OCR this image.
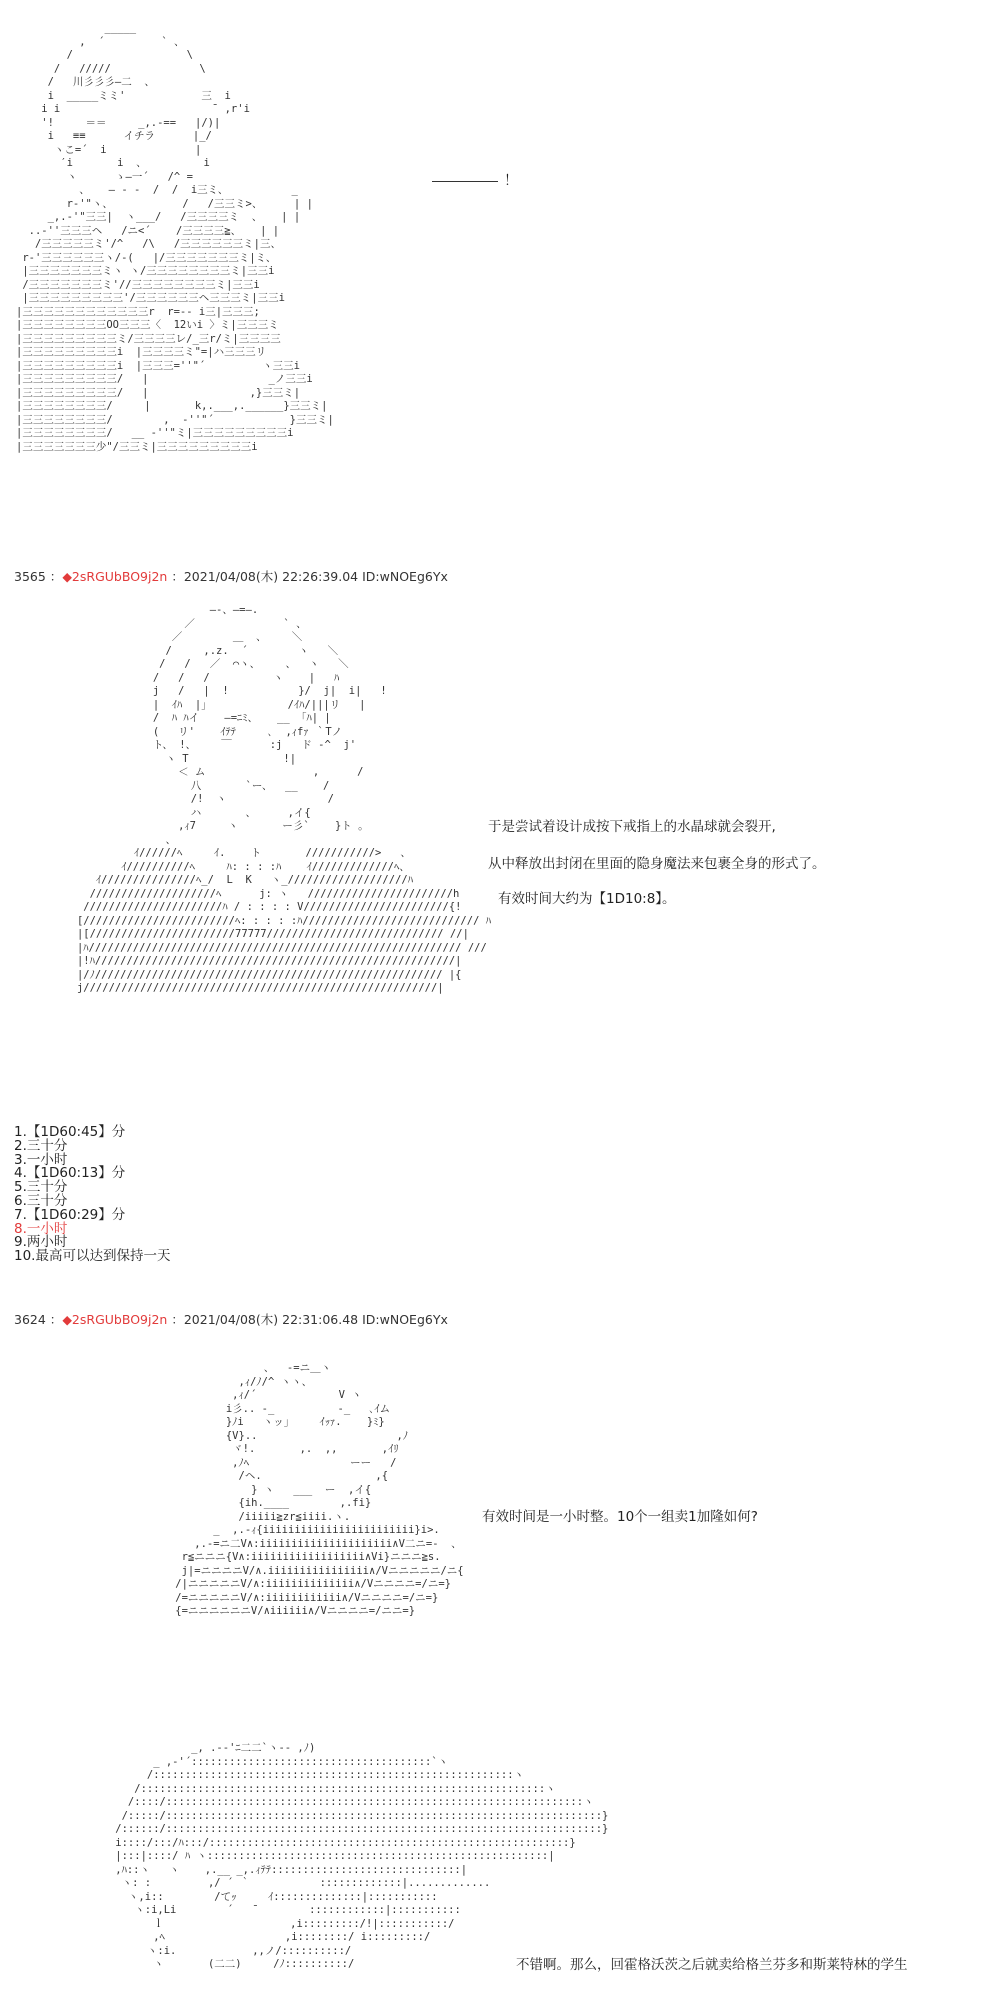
_____
,  ´         ` 、
/                  \
/   /////              \
/   川彡彡彡―二  、
i  _____ミミ'            三  i
i i                        ̄  ,r'i
'!     ＝＝     _,.-==   |/)|
i   ≡≡      イチラ      |_/
ヽこ=´  i              |
′i       i  、         i
ヽ      ゝ―一´   /^ =
、   ― ‐ ‐  /  /  i三ミ、          _
r‐'"ヽ、           /   /三三ミ>、     | |
_,.-'"三三|  ヽ___/   /三三三三ミ  、   | |
..-''三三三ヘ   /ニ<´    /三三三三≧、   | |
/三三三三三ミ'/^   /\   /三三三三三三ミ|三、
r‐'三三三三三三ヽ/‐(   |/三三三三三三三ミ|ミ、
|三三三三三三三ミヽ ヽ/三三三三三三三三ミ|三三i
/三三三三三三三ミ'//三三三三三三三三ミ|三三i
|三三三三三三三三三'/三三三三三三ヘ三三三ミ|三三i
|三三三三三三三三三三三三r  r=-- i三|三三三;
|三三三三三三三三OO三三三〈  12いi 〉ミ|三三三ミ
|三三三三三三三三三ミ/三三三三レ/_三r/ミ|三三三三
|三三三三三三三三三i  |三三三三ミ"=|ハ三三三リ
|三三三三三三三三三i  |三三三=''"´         ヽ三三i
|三三三三三三三三三/   |                   _ノ三三i
|三三三三三三三三三/   |                ,}三三ミ|
|三三三三三三三三/     |       k,.___,.______}三三ミ|
|三三三三三三三三/        ,  -''"´            }三三ミ|
|三三三三三三三三/   __ -''"ミ|三三三三三三三三三i
|三三三三三三三少"/三三ミ|三三三三三三三三三i
！
3565 ：◆2sRGUbBO9j2n ：2021/04/08(木) 22:26:39.04 ID:wNOEg6Yx
―-、―=―.
／              ` 、
／        ＿  、    ＼
/     ,.z.  ´        ヽ   ＼
/   /   ／  ⌒ヽ、    、  ヽ   ＼
/   /   /          ヽ    |   ﾊ
j   /   |  !           }/  j|  i|   !
|  ｲﾊ  |」            /ｲﾊ/|||リ   |
/  ﾊ ﾊイ    ―=ﾆﾐ、   __ 「ﾊ| |
(   リ'    ｲﾃﾃ     ､  ,ｨfｧ ｀Tノ
ト、 !、    ￣      :j   ド ‐^  j'
ヽ T               !|
＜ ム                 ,      /
八       `ー、  __    /
/!  ヽ                /
ハ       、     ,イ{
,ｨ7     ヽ       ー彡`    }ト 。
、
ｲ//////ﾍ     ｲ.    ト       ///////////>   、
ｲ//////////ﾍ     ﾊ: : : :ﾊ    ｲ/////////////ﾍ、
ｲ///////////////ﾍ_/  L  K   ヽ_///////////////////ﾊ
////////////////////ﾍ      j: ヽ   ///////////////////////h
//////////////////////ﾊ / : : : : V///////////////////////{!
[////////////////////////ﾍ: : : : :ﾊ//////////////////////////// ﾊ
|[///////////////////////77777//////////////////////////// //|
|ﾊ/////////////////////////////////////////////////////////// ///
|!ﾊ/////////////////////////////////////////////////////////|
|/ﾉ/////////////////////////////////////////////////////// |{
j////////////////////////////////////////////////////////|
于是尝试着设计成按下戒指上的水晶球就会裂开,
从中释放出封闭在里面的隐身魔法来包裹全身的形式了。
有效时间大约为【1D10:8】。
1.【1D60:45】分
2.三十分
3.一小时
4.【1D60:13】分
5.三十分
6.三十分
7.【1D60:29】分
8.一小时
9.两小时
10.最高可以达到保持一天
3624 ：◆2sRGUbBO9j2n ：2021/04/08(木) 22:31:06.48 ID:wNOEg6Yx
、  -=ニ＿ヽ
,ｨ/ﾉ/^ ヽヽ、
,ｨ/´             V ヽ
i彡.. ‐_          ‐_   ､ｲム
}ﾉi   ヽッ」    ｲｯｧ.    }ﾐ}
{V}..                      ,ﾉ
ヾ!.       ,.  ,,       ,ｲﾘ
,ﾉﾍ                ーー   /
/ヘ.                  ,{
} ヽ   ___  ー  ,イ{
{ih.____        ,.fi}
/iiiii≧zr≦iiii.ヽ.
_  ,.‐ｨ{iiiiiiiiiiiiiiiiiiiiiiii}i>.
,.-=ニ二V∧:iiiiiiiiiiiiiiiiiiiii∧V二ニ=-  、
r≦ニニニ{V∧:iiiiiiiiiiiiiiiiii∧Vi}ニニニ≧s.
j|=ニニニニV/∧.iiiiiiiiiiiiiiii∧/Vニニニニニ/ニ{
/|ニニニニニV/∧:iiiiiiiiiiiiii∧/Vニニニニ=/ニ=}
/=ニニニニニV/∧:iiiiiiiiiiii∧/Vニニニニ=/ニ=}
{=ニニニニニニV/∧iiiiii∧/Vニニニニ=/ニニ=}
有效时间是一小时整。10个一组卖1加隆如何?
_, .-‐'ﾆ二二`ヽ-- ,ﾉ)
_ ,-'´::::::::::::::::::::::::::::::::::::::`ヽ
/:::::::::::::::::::::::::::::::::::::::::::::::::::::::::ヽ
/::::::::::::::::::::::::::::::::::::::::::::::::::::::::::::::::ヽ
/::::/::::::::::::::::::::::::::::::::::::::::::::::::::::::::::::::::::ヽ
/:::::/:::::::::::::::::::::::::::::::::::::::::::::::::::::::::::::::::::::}
/::::::/:::::::::::::::::::::::::::::::::::::::::::::::::::::::::::::::::::::}
i::::/:::/ﾊ:::/:::::::::::::::::::::::::::::::::::::::::::::::::::::::::}
|:::|::::/ ﾊ ヽ::::::::::::::::::::::::::::::::::::::::::::::::::::::|
,ﾊ::ヽ   ヽ    ,.__ _,.ｨﾃﾃ::::::::::::::::::::::::::::::|
ヽ: :         ,/ ´ ｀           :::::::::::::|.............
ヽ,i::        /てｯ     ｲ::::::::::::::|:::::::::::
ヽ:i,Li        ´   ̄         ::::::::::::|:::::::::::
ｌ                    ,i:::::::::/!|:::::::::::/
,ﾍ                   ,i::::::::/ i:::::::::/
ヽ:i.            ,,ノ/::::::::::/
ヽ       (二二)     /ﾉ::::::::::/	不错啊。那么，回霍格沃茨之后就卖给格兰芬多和斯莱特林的学生
